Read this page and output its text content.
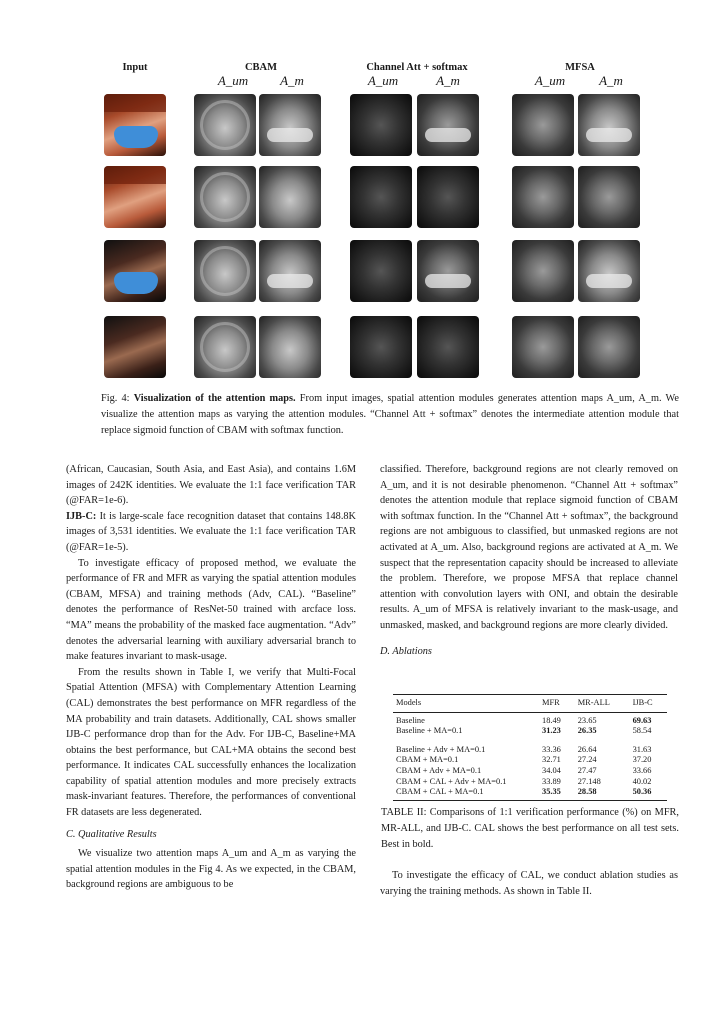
Input	CBAM	Channel Att + softmax	MFSA
A_um	A_m	A_um	A_m	A_um	A_m
Fig. 4: Visualization of the attention maps. From input images, spatial attention modules generates attention maps A_um, A_m. We visualize the attention maps as varying the attention modules. “Channel Att + softmax” denotes the intermediate attention module that replace sigmoid function of CBAM with softmax function.

(African, Caucasian, South Asia, and East Asia), and contains 1.6M images of 242K identities. We evaluate the 1:1 face verification TAR (@FAR=1e-6).

IJB-C: It is large-scale face recognition dataset that contains 148.8K images of 3,531 identities. We evaluate the 1:1 face verification TAR (@FAR=1e-5).

To investigate efficacy of proposed method, we evaluate the performance of FR and MFR as varying the spatial attention modules (CBAM, MFSA) and training methods (Adv, CAL). “Baseline” denotes the performance of ResNet-50 trained with arcface loss. “MA” means the probability of the masked face augmentation. “Adv” denotes the adversarial learning with auxiliary adversarial branch to make features invariant to mask-usage.

From the results shown in Table I, we verify that Multi-Focal Spatial Attention (MFSA) with Complementary Attention Learning (CAL) demonstrates the best performance on MFR regardless of the MA probability and train datasets. Additionally, CAL shows smaller IJB-C performance drop than for the Adv. For IJB-C, Baseline+MA obtains the best performance, but CAL+MA obtains the second best performance. It indicates CAL successfully enhances the localization capability of spatial attention modules and more precisely extracts mask-invariant features. Therefore, the performances of conventional FR datasets are less degenerated.

C. Qualitative Results

We visualize two attention maps A_um and A_m as varying the spatial attention modules in the Fig 4. As we expected, in the CBAM, background regions are ambiguous to be

classified. Therefore, background regions are not clearly removed on A_um, and it is not desirable phenomenon. “Channel Att + softmax” denotes the attention module that replace sigmoid function of CBAM with softmax function. In the “Channel Att + softmax”, the background regions are not ambiguous to classified, but unmasked regions are not activated at A_um. Also, background regions are activated at A_m. We suspect that the representation capacity should be increased to alleviate the problem. Therefore, we propose MFSA that replace channel attention with convolution layers with ONI, and obtain the desirable results. A_um of MFSA is relatively invariant to the mask-usage, and unmasked, masked, and background regions are more clearly divided.

D. Ablations

Models	MFR	MR-ALL	IJB-C
Baseline	18.49	23.65	69.63
Baseline + MA=0.1	31.23	26.35	58.54
Baseline + Adv + MA=0.1	33.36	26.64	31.63
CBAM + MA=0.1	32.71	27.24	37.20
CBAM + Adv + MA=0.1	34.04	27.47	33.66
CBAM + CAL + Adv + MA=0.1	33.89	27.148	40.02
CBAM + CAL + MA=0.1	35.35	28.58	50.36
TABLE II: Comparisons of 1:1 verification performance (%) on MFR, MR-ALL, and IJB-C. CAL shows the best performance on all test sets. Best in bold.

To investigate the efficacy of CAL, we conduct ablation studies as varying the training methods. As shown in Table II.
